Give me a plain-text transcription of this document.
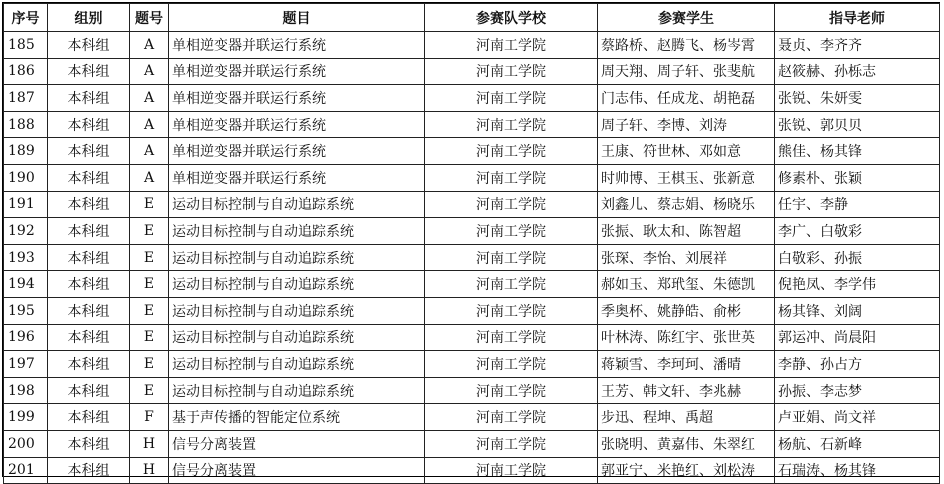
序号	组别	题号	题目	参赛队学校	参赛学生	指导老师
185	本科组	A	单相逆变器并联运行系统	河南工学院	蔡路桥、赵腾飞、杨岑霄	聂贞、李齐齐
186	本科组	A	单相逆变器并联运行系统	河南工学院	周天翔、周子轩、张斐航	赵筱赫、孙栎志
187	本科组	A	单相逆变器并联运行系统	河南工学院	门志伟、任成龙、胡艳磊	张锐、朱妍雯
188	本科组	A	单相逆变器并联运行系统	河南工学院	周子轩、李博、刘涛	张锐、郭贝贝
189	本科组	A	单相逆变器并联运行系统	河南工学院	王康、符世林、邓如意	熊佳、杨其锋
190	本科组	A	单相逆变器并联运行系统	河南工学院	时帅博、王棋玉、张新意	修素朴、张颖
191	本科组	E	运动目标控制与自动追踪系统	河南工学院	刘鑫儿、蔡志娟、杨晓乐	任宇、李静
192	本科组	E	运动目标控制与自动追踪系统	河南工学院	张振、耿太和、陈智超	李广、白敬彩
193	本科组	E	运动目标控制与自动追踪系统	河南工学院	张琛、李怡、刘展祥	白敬彩、孙振
194	本科组	E	运动目标控制与自动追踪系统	河南工学院	郝如玉、郑玳玺、朱德凯	倪艳凤、李学伟
195	本科组	E	运动目标控制与自动追踪系统	河南工学院	季奥杯、姚静皓、俞彬	杨其锋、刘阔
196	本科组	E	运动目标控制与自动追踪系统	河南工学院	叶林涛、陈红宇、张世英	郭运冲、尚晨阳
197	本科组	E	运动目标控制与自动追踪系统	河南工学院	蒋颖雪、李珂珂、潘晴	李静、孙占方
198	本科组	E	运动目标控制与自动追踪系统	河南工学院	王芳、韩文轩、李兆赫	孙振、李志梦
199	本科组	F	基于声传播的智能定位系统	河南工学院	步迅、程坤、禹超	卢亚娟、尚文祥
200	本科组	H	信号分离装置	河南工学院	张晓明、黄嘉伟、朱翠红	杨航、石新峰
201	本科组	H	信号分离装置	河南工学院	郭亚宁、米艳红、刘松涛	石瑞涛、杨其锋
